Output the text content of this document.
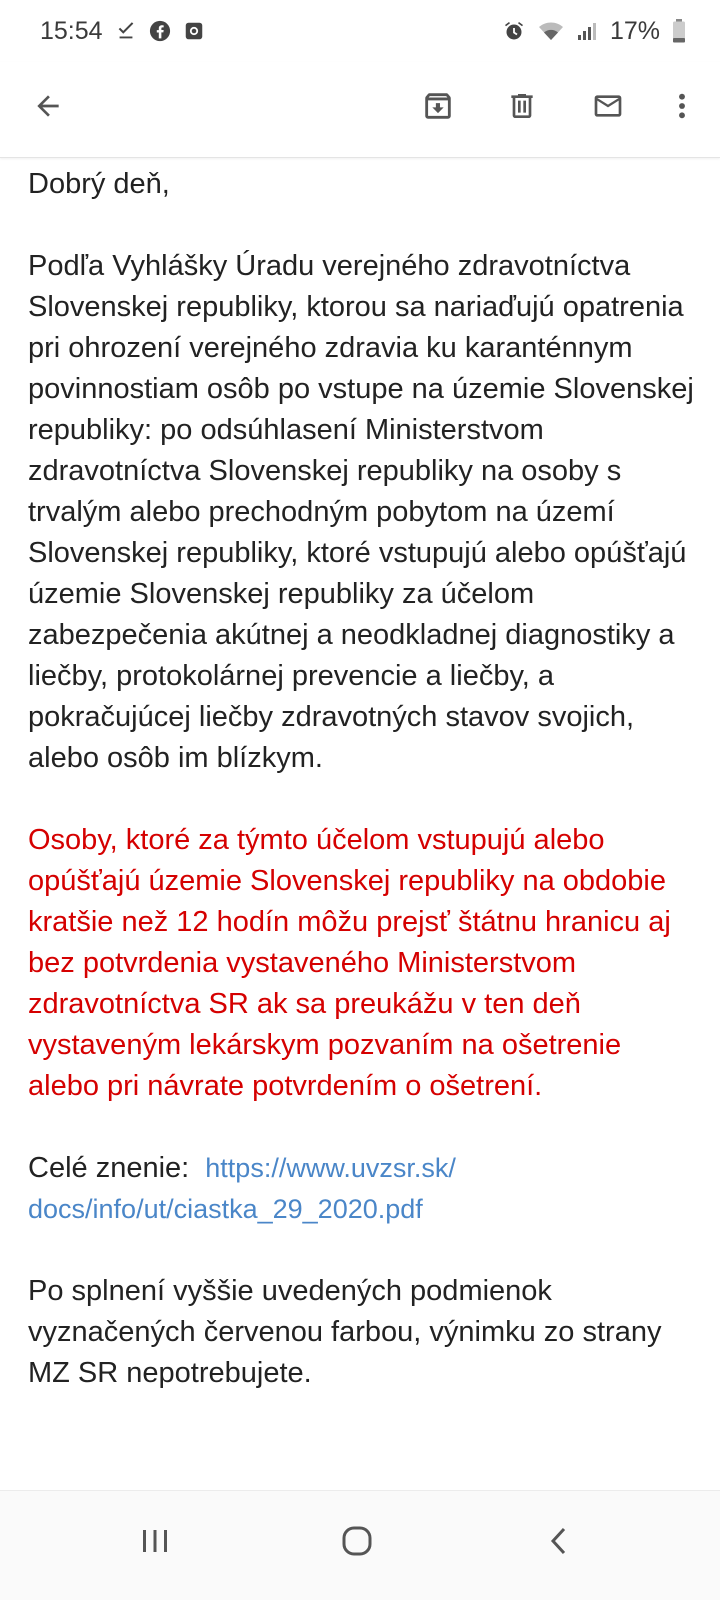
15:54	17%

Dobrý deň,

Podľa Vyhlášky Úradu verejného zdravotníctva Slovenskej republiky, ktorou sa nariaďujú opatrenia pri ohrození verejného zdravia ku karanténnym povinnostiam osôb po vstupe na územie Slovenskej republiky: po odsúhlasení Ministerstvom zdravotníctva Slovenskej republiky na osoby s trvalým alebo prechodným pobytom na území Slovenskej republiky, ktoré vstupujú alebo opúšťajú územie Slovenskej republiky za účelom zabezpečenia akútnej a neodkladnej diagnostiky a liečby, protokolárnej prevencie a liečby, a pokračujúcej liečby zdravotných stavov svojich, alebo osôb im blízkym.

Osoby, ktoré za týmto účelom vstupujú alebo opúšťajú územie Slovenskej republiky na obdobie kratšie než 12 hodín môžu prejsť štátnu hranicu aj bez potvrdenia vystaveného Ministerstvom zdravotníctva SR ak sa preukážu v ten deň vystaveným lekárskym pozvaním na ošetrenie alebo pri návrate potvrdením o ošetrení.

Celé znenie: https://www.uvzsr.sk/
docs/info/ut/ciastka_29_2020.pdf

Po splnení vyššie uvedených podmienok vyznačených červenou farbou, výnimku zo strany MZ SR nepotrebujete.
